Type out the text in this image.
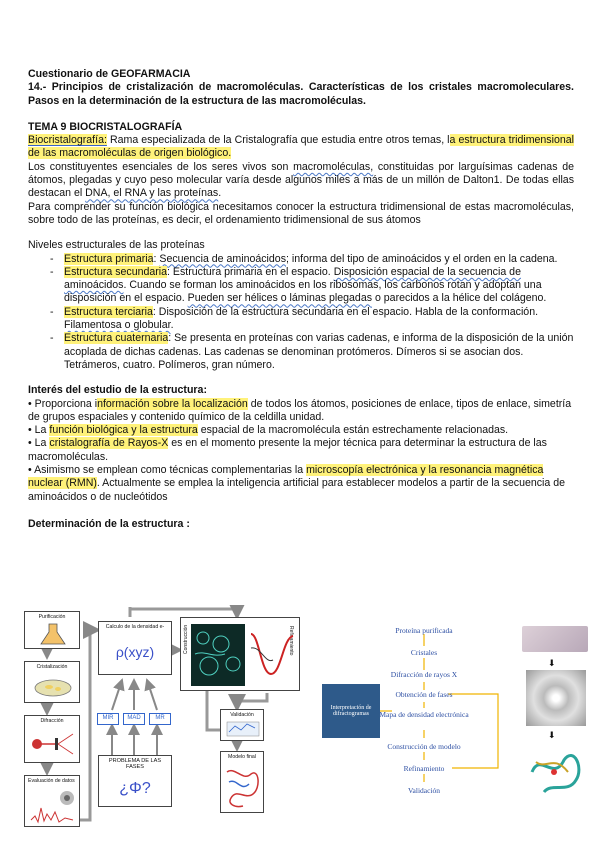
Cuestionario de GEOFARMACIA

14.- Principios de cristalización de macromoléculas. Características de los cristales macromoleculares. Pasos en la determinación de la estructura de las macromoléculas.

TEMA 9 BIOCRISTALOGRAFÍA

Biocristalografía: Rama especializada de la Cristalografía que estudia entre otros temas, la estructura tridimensional de las macromoléculas de origen biológico.

Los constituyentes esenciales de los seres vivos son macromoléculas, constituidas por larguísimas cadenas de átomos, plegadas y cuyo peso molecular varía desde algunos miles a más de un millón de Dalton1. De todas ellas destacan el DNA, el RNA y las proteínas.

Para comprender su función biológica necesitamos conocer la estructura tridimensional de estas macromoléculas, sobre todo de las proteínas, es decir, el ordenamiento tridimensional de sus átomos

Niveles estructurales de las proteínas

- Estructura primaria: Secuencia de aminoácidos; informa del tipo de aminoácidos y el orden en la cadena.
- Estructura secundaria: Estructura primaria en el espacio. Disposición espacial de la secuencia de aminoácidos. Cuando se forman los aminoácidos en los ribosomas, los carbonos rotan y adoptan una disposición en el espacio. Pueden ser hélices o láminas plegadas o parecidos a la hélice del colágeno.
- Estructura terciaria: Disposición de la estructura secundaria en el espacio. Habla de la conformación. Filamentosa o globular.
- Estructura cuaternaria: Se presenta en proteínas con varias cadenas, e informa de la disposición de la unión acoplada de dichas cadenas. Las cadenas se denominan protómeros. Dímeros si se asocian dos. Tetrámeros, cuatro. Polímeros, gran número.

Interés del estudio de la estructura:

• Proporciona información sobre la localización de todos los átomos, posiciones de enlace, tipos de enlace, simetría de grupos espaciales y contenido químico de la celdilla unidad.

• La función biológica y la estructura espacial de la macromolécula están estrechamente relacionadas.

• La cristalografía de Rayos-X es en el momento presente la mejor técnica para determinar la estructura de las macromoléculas.

• Asimismo se emplean como técnicas complementarias la microscopía electrónica y la resonancia magnética nuclear (RMN). Actualmente se emplea la inteligencia artificial para establecer modelos a partir de la secuencia de aminoácidos o de nucleótidos

Determinación de la estructura :

Purificación
Cristalización
Difracción
Evaluación de datos
Calculo de la densidad e-
ρ(xyz)
MIR	MAD	MR
PROBLEMA DE LAS FASES
¿Φ?
Construcción	Refinamiento
Validación
Modelo final
Interpretación de difractogramas
Proteína purificada
Cristales
Difracción de rayos X
Obtención de fases
Mapa de densidad electrónica
Construcción de modelo
Refinamiento
Validación
⬇
⬇
